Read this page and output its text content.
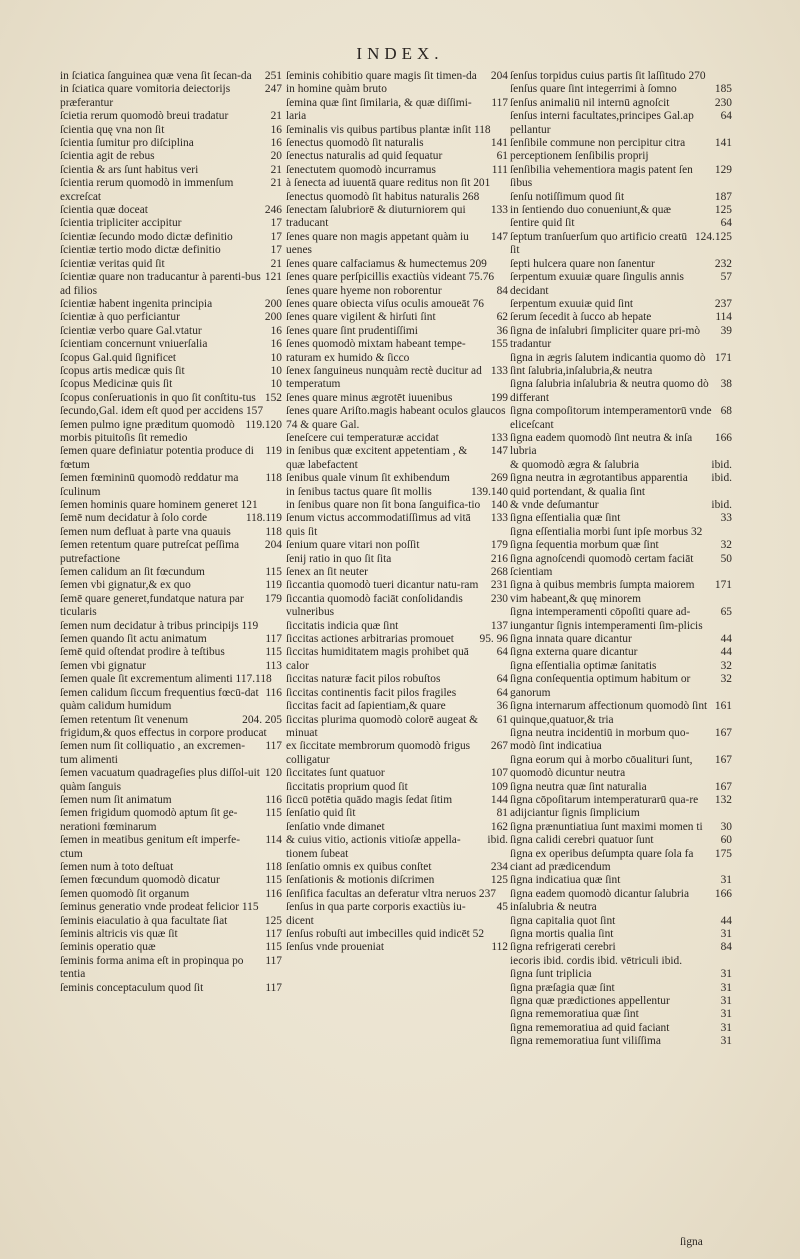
INDEX.
251
in ſciatica ſanguinea quæ vena ſit ſecan-da
247
in ſciatica quare vomitoria deiectorijs præferantur
21
ſcietia rerum quomodò breui tradatur
16
ſcientia quę vna non ſit
16
ſcientia ſumitur pro diſciplina
20
ſcientia agit de rebus
21
ſcientia & ars ſunt habitus veri
21
ſcientia rerum quomodò in immenſum excreſcat
246
ſcientia quæ doceat
17
ſcientia tripliciter accipitur
17
ſcientiæ ſecundo modo dictæ definitio
17
ſcientiæ tertio modo dictæ definitio
21
ſcientiæ veritas quid ſit
121
ſcientiæ quare non traducantur à parenti-bus ad filios
200
ſcientiæ habent ingenita principia
200
ſcientiæ à quo perficiantur
16
ſcientiæ verbo quare Gal.vtatur
16
ſcientiam concernunt vniuerſalia
10
ſcopus Gal.quid ſignificet
10
ſcopus artis medicæ quis ſit
10
ſcopus Medicinæ quis ſit
152
ſcopus conſeruationis in quo ſit conſtitu-tus
ſecundo,Gal. idem eſt quod per accidens 157
119.120
ſemen pulmo igne præditum quomodò morbis pituitoſis ſit remedio
119
ſemen quare definiatur potentia produce di fœtum
118
ſemen fœmininū quomodò reddatur ma ſculinum
ſemen hominis quare hominem generet 121
118.119
ſemē num decidatur à ſolo corde
118
ſemen num defluat à parte vna quauis
204
ſemen retentum quare putreſcat peſſima putrefactione
115
ſemen calidum an ſit fœcundum
119
ſemen vbi gignatur,& ex quo
179
ſemē quare generet,fundatque natura par ticularis
ſemen num decidatur à tribus principijs 119
117
ſemen quando ſit actu animatum
115
ſemē quid oſtendat prodire à teſtibus
113
ſemen vbi gignatur
ſemen quale ſit excrementum alimenti 117.118
116
ſemen calidum ſiccum frequentius fœcū-dat quàm calidum humidum
204. 205
ſemen retentum ſit venenum frigidum,& quos effectus in corpore producat
117
ſemen num ſit colliquatio , an excremen-tum alimenti
120
ſemen vacuatum quadrageſies plus diſſol-uit quàm ſanguis
116
ſemen num ſit animatum
115
ſemen frigidum quomodò aptum ſit ge-nerationi fœminarum
114
ſemen in meatibus genitum eſt imperfe-ctum
118
ſemen num à toto deſtuat
115
ſemen fœcundum quomodò dicatur
116
ſemen quomodò ſit organum
ſeminus generatio vnde prodeat felicior 115
125
ſeminis eiaculatio à qua facultate ſiat
117
ſeminis altricis vis quæ ſit
115
ſeminis operatio quæ
117
ſeminis forma anima eſt in propinqua po tentia
117
ſeminis conceptaculum quod ſit
204
ſeminis cohibitio quare magis ſit timen-da in homine quàm bruto
117
ſemina quæ ſint ſimilaria, & quæ diſſimi-laria
ſeminalis vis quibus partibus plantæ inſit 118
141
ſenectus quomodò ſit naturalis
61
ſenectus naturalis ad quid ſequatur
111
ſenectutem quomodò incurramus
à ſenecta ad iuuentā quare reditus non ſit 201
ſenectus quomodò ſit habitus naturalis 268
133
ſenectam ſalubriorē & diuturniorem qui traducant
147
ſenes quare non magis appetant quàm iu uenes
ſenes quare calfaciamus & humectemus 209
ſenes quare perſpicillis exactiùs videant 75.76
84
ſenes quare hyeme non roborentur
ſenes quare obiecta viſus oculis amoueāt 76
62
ſenes quare vigilent & hirſuti ſint
36
ſenes quare ſint prudentiſſimi
155
ſenes quomodò mixtam habeant tempe-raturam ex humido & ſicco
133
ſenex ſanguineus nunquàm rectè ducitur ad temperatum
199
ſenes quare minus ægrotēt iuuenibus
ſenes quare Ariſto.magis habeant oculos glaucos 74 & quare Gal.
133
ſeneſcere cui temperaturæ accidat
147
in ſenibus quæ excitent appetentiam , & quæ labefactent
269
ſenibus quale vinum ſit exhibendum
139.140
in ſenibus tactus quare ſit mollis
140
in ſenibus quare non ſit bona ſanguifica-tio
133
ſenum victus accommodatiſſimus ad vitā quis ſit
179
ſenium quare vitari non poſſit
216
ſenij ratio in quo ſit ſita
268
ſenex an ſit neuter
231
ſiccantia quomodò tueri dicantur natu-ram
230
ſiccantia quomodò faciāt conſolidandis vulneribus
137
ſiccitatis indicia quæ ſint
95. 96
ſiccitas actiones arbitrarias promouet
64
ſiccitas humiditatem magis prohibet quā calor
64
ſiccitas naturæ facit pilos robuſtos
64
ſiccitas continentis facit pilos fragiles
36
ſiccitas facit ad ſapientiam,& quare
61
ſiccitas plurima quomodò colorē augeat & minuat
267
ex ſiccitate membrorum quomodò frigus colligatur
107
ſiccitates ſunt quatuor
109
ſiccitatis proprium quod ſit
144
ſiccū potētia quādo magis ſedat ſitim
81
ſenſatio quid ſit
162
ſenſatio vnde dimanet
ibid.
& cuius vitio, actionis vitioſæ appella-tionem ſubeat
234
ſenſatio omnis ex quibus conſtet
125
ſenſationis & motionis diſcrimen
ſenſifica facultas an deferatur vltra neruos 237
45
ſenſus in qua parte corporis exactiùs iu-dicent
ſenſus robuſti aut imbecilles quid indicēt 52
112
ſenſus vnde proueniat
ſenſus torpidus cuius partis ſit laſſitudo 270
185
ſenſus quare ſint integerrimi à ſomno
230
ſenſus animaliū nil internū agnoſcit
64
ſenſus interni facultates,principes Gal.ap pellantur
141
ſenſibile commune non percipitur citra perceptionem ſenſibilis proprij
129
ſenſibilia vehementiora magis patent ſen ſibus
187
ſenſu notiſſimum quod ſit
125
in ſentiendo duo conueniunt,& quæ
64
ſentire quid ſit
124.125
ſeptum tranſuerſum quo artificio creatū ſit
232
ſepti hulcera quare non ſanentur
57
ſerpentum exuuiæ quare ſingulis annis decidant
237
ſerpentum exuuiæ quid ſint
114
ſerum ſecedit à ſucco ab hepate
39
ſigna de inſalubri ſimpliciter quare pri-mò tradantur
171
ſigna in ægris ſalutem indicantia quomo dò ſint ſalubria,inſalubria,& neutra
38
ſigna ſalubria inſalubria & neutra quomo dò differant
68
ſigna compoſitorum intemperamentorū vnde eliceſcant
166
ſigna eadem quomodò ſint neutra & inſa lubria
ibid.
& quomodò ægra & ſalubria
ibid.
ſigna neutra in ægrotantibus apparentia quid portendant, & qualia ſint
ibid.
& vnde deſumantur
33
ſigna eſſentialia quæ ſint
ſigna eſſentialia morbi ſunt ipſe morbus 32
32
ſigna ſequentia morbum quæ ſint
50
ſigna agnoſcendi quomodò certam faciāt ſcientiam
171
ſigna à quibus membris ſumpta maiorem vim habeant,& quę minorem
65
ſigna intemperamenti cōpoſiti quare ad-iungantur ſignis intemperamenti ſim-plicis
44
ſigna innata quare dicantur
44
ſigna externa quare dicantur
32
ſigna eſſentialia optimæ ſanitatis
32
ſigna conſequentia optimum habitum or ganorum
161
ſigna internarum affectionum quomodò ſint quinque,quatuor,& tria
167
ſigna neutra incidentiū in morbum quo-modò ſint indicatiua
167
ſigna eorum qui à morbo cōualituri ſunt, quomodò dicuntur neutra
167
ſigna neutra quæ ſint naturalia
132
ſigna cōpoſitarum intemperaturarū qua-re adijciantur ſignis ſimplicium
30
ſigna prænuntiatiua ſunt maximi momen ti
60
ſigna calidi cerebri quatuor ſunt
175
ſigna ex operibus deſumpta quare ſola fa ciant ad prædicendum
31
ſigna indicatiua quæ ſint
166
ſigna eadem quomodò dicantur ſalubria inſalubria & neutra
44
ſigna capitalia quot ſint
31
ſigna mortis qualia ſint
84
ſigna refrigerati cerebri
iecoris ibid. cordis ibid. vētriculi ibid.
31
ſigna ſunt triplicia
31
ſigna præſagia quæ ſint
31
ſigna quæ prædictiones appellentur
31
ſigna rememoratiua quæ ſint
31
ſigna rememoratiua ad quid faciant
31
ſigna rememoratiua ſunt viliſſima
ſigna
